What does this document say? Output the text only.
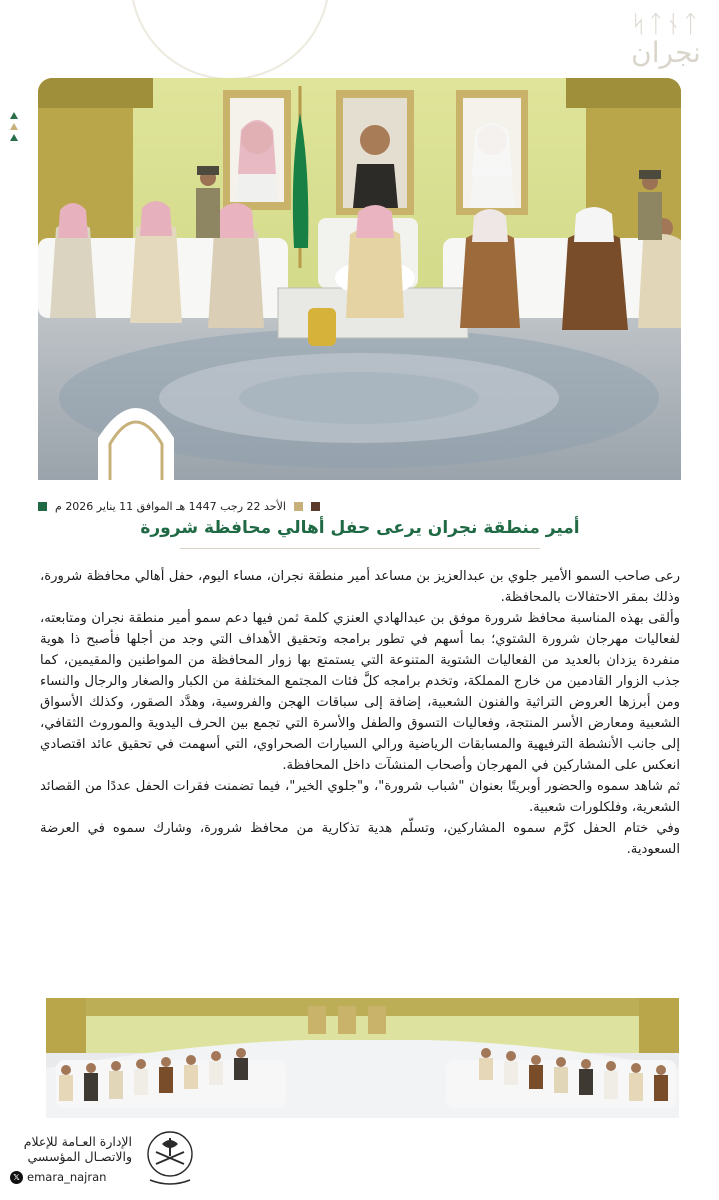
ᛋᛏᚾᛏ
نجران
الأحد 22 رجب 1447 هـ الموافق 11 يناير 2026 م
أمير منطقة نجران يرعى حفل أهالي محافظة شرورة

رعى صاحب السمو الأمير جلوي بن عبدالعزيز بن مساعد أمير منطقة نجران، مساء اليوم، حفل أهالي محافظة شرورة، وذلك بمقر الاحتفالات بالمحافظة.

وألقى بهذه المناسبة محافظ شرورة موفق بن عبدالهادي العنزي كلمة ثمن فيها دعم سمو أمير منطقة نجران ومتابعته، لفعاليات مهرجان شرورة الشتوي؛ بما أسهم في تطور برامجه وتحقيق الأهداف التي وجد من أجلها فأصبح ذا هوية منفردة يزدان بالعديد من الفعاليات الشتوية المتنوعة التي يستمتع بها زوار المحافظة من المواطنين والمقيمين، كما جذب الزوار القادمين من خارج المملكة، وتخدم برامجه كلَّ فئات المجتمع المختلفة من الكبار والصغار والرجال والنساء ومن أبرزها العروض التراثية والفنون الشعبية، إضافة إلى سباقات الهجن والفروسية، وهدَّد الصقور، وكذلك الأسواق الشعبية ومعارض الأسر المنتجة، وفعاليات التسوق والطفل والأسرة التي تجمع بين الحرف اليدوية والموروث الثقافي، إلى جانب الأنشطة الترفيهية والمسابقات الرياضية ورالي السيارات الصحراوي، التي أسهمت في تحقيق عائد اقتصادي انعكس على المشاركين في المهرجان وأصحاب المنشآت داخل المحافظة.

ثم شاهد سموه والحضور أوبريتًا بعنوان "شباب شرورة"، و"جلوي الخير"، فيما تضمنت فقرات الحفل عددًا من القصائد الشعرية، وفلكلورات شعبية.

وفي ختام الحفل كرَّم سموه المشاركين، وتسلّم هدية تذكارية من محافظ شرورة، وشارك سموه في العرضة السعودية.

الإدارة العـامة للإعلام
والاتصـال المؤسسي
𝕏 emara_najran
